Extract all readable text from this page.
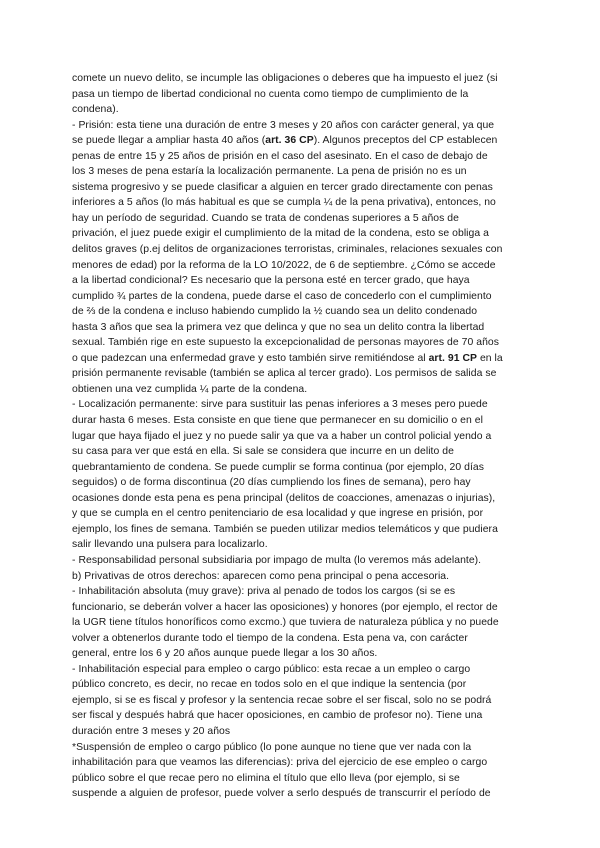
comete un nuevo delito, se incumple las obligaciones o deberes que ha impuesto el juez (si
pasa un tiempo de libertad condicional no cuenta como tiempo de cumplimiento de la
condena).
- Prisión: esta tiene una duración de entre 3 meses y 20 años con carácter general, ya que
se puede llegar a ampliar hasta 40 años (art. 36 CP). Algunos preceptos del CP establecen
penas de entre 15 y 25 años de prisión en el caso del asesinato. En el caso de debajo de
los 3 meses de pena estaría la localización permanente. La pena de prisión no es un
sistema progresivo y se puede clasificar a alguien en tercer grado directamente con penas
inferiores a 5 años (lo más habitual es que se cumpla ¼ de la pena privativa), entonces, no
hay un período de seguridad. Cuando se trata de condenas superiores a 5 años de
privación, el juez puede exigir el cumplimiento de la mitad de la condena, esto se obliga a
delitos graves (p.ej delitos de organizaciones terroristas, criminales, relaciones sexuales con
menores de edad) por la reforma de la LO 10/2022, de 6 de septiembre. ¿Cómo se accede
a la libertad condicional? Es necesario que la persona esté en tercer grado, que haya
cumplido ¾ partes de la condena, puede darse el caso de concederlo con el cumplimiento
de ⅔ de la condena e incluso habiendo cumplido la ½ cuando sea un delito condenado
hasta 3 años que sea la primera vez que delinca y que no sea un delito contra la libertad
sexual. También rige en este supuesto la excepcionalidad de personas mayores de 70 años
o que padezcan una enfermedad grave y esto también sirve remitiéndose al art. 91 CP en la
prisión permanente revisable (también se aplica al tercer grado). Los permisos de salida se
obtienen una vez cumplida ¼ parte de la condena.
- Localización permanente: sirve para sustituir las penas inferiores a 3 meses pero puede
durar hasta 6 meses. Esta consiste en que tiene que permanecer en su domicilio o en el
lugar que haya fijado el juez y no puede salir ya que va a haber un control policial yendo a
su casa para ver que está en ella. Si sale se considera que incurre en un delito de
quebrantamiento de condena. Se puede cumplir se forma continua (por ejemplo, 20 días
seguidos) o de forma discontinua (20 días cumpliendo los fines de semana), pero hay
ocasiones donde esta pena es pena principal (delitos de coacciones, amenazas o injurias),
y que se cumpla en el centro penitenciario de esa localidad y que ingrese en prisión, por
ejemplo, los fines de semana. También se pueden utilizar medios telemáticos y que pudiera
salir llevando una pulsera para localizarlo.
- Responsabilidad personal subsidiaria por impago de multa (lo veremos más adelante).
b) Privativas de otros derechos: aparecen como pena principal o pena accesoria.
- Inhabilitación absoluta (muy grave): priva al penado de todos los cargos (si se es
funcionario, se deberán volver a hacer las oposiciones) y honores (por ejemplo, el rector de
la UGR tiene títulos honoríficos como excmo.) que tuviera de naturaleza pública y no puede
volver a obtenerlos durante todo el tiempo de la condena. Esta pena va, con carácter
general, entre los 6 y 20 años aunque puede llegar a los 30 años.
- Inhabilitación especial para empleo o cargo público: esta recae a un empleo o cargo
público concreto, es decir, no recae en todos solo en el que indique la sentencia (por
ejemplo, si se es fiscal y profesor y la sentencia recae sobre el ser fiscal, solo no se podrá
ser fiscal y después habrá que hacer oposiciones, en cambio de profesor no). Tiene una
duración entre 3 meses y 20 años
*Suspensión de empleo o cargo público (lo pone aunque no tiene que ver nada con la
inhabilitación para que veamos las diferencias): priva del ejercicio de ese empleo o cargo
público sobre el que recae pero no elimina el título que ello lleva (por ejemplo, si se
suspende a alguien de profesor, puede volver a serlo después de transcurrir el período de
